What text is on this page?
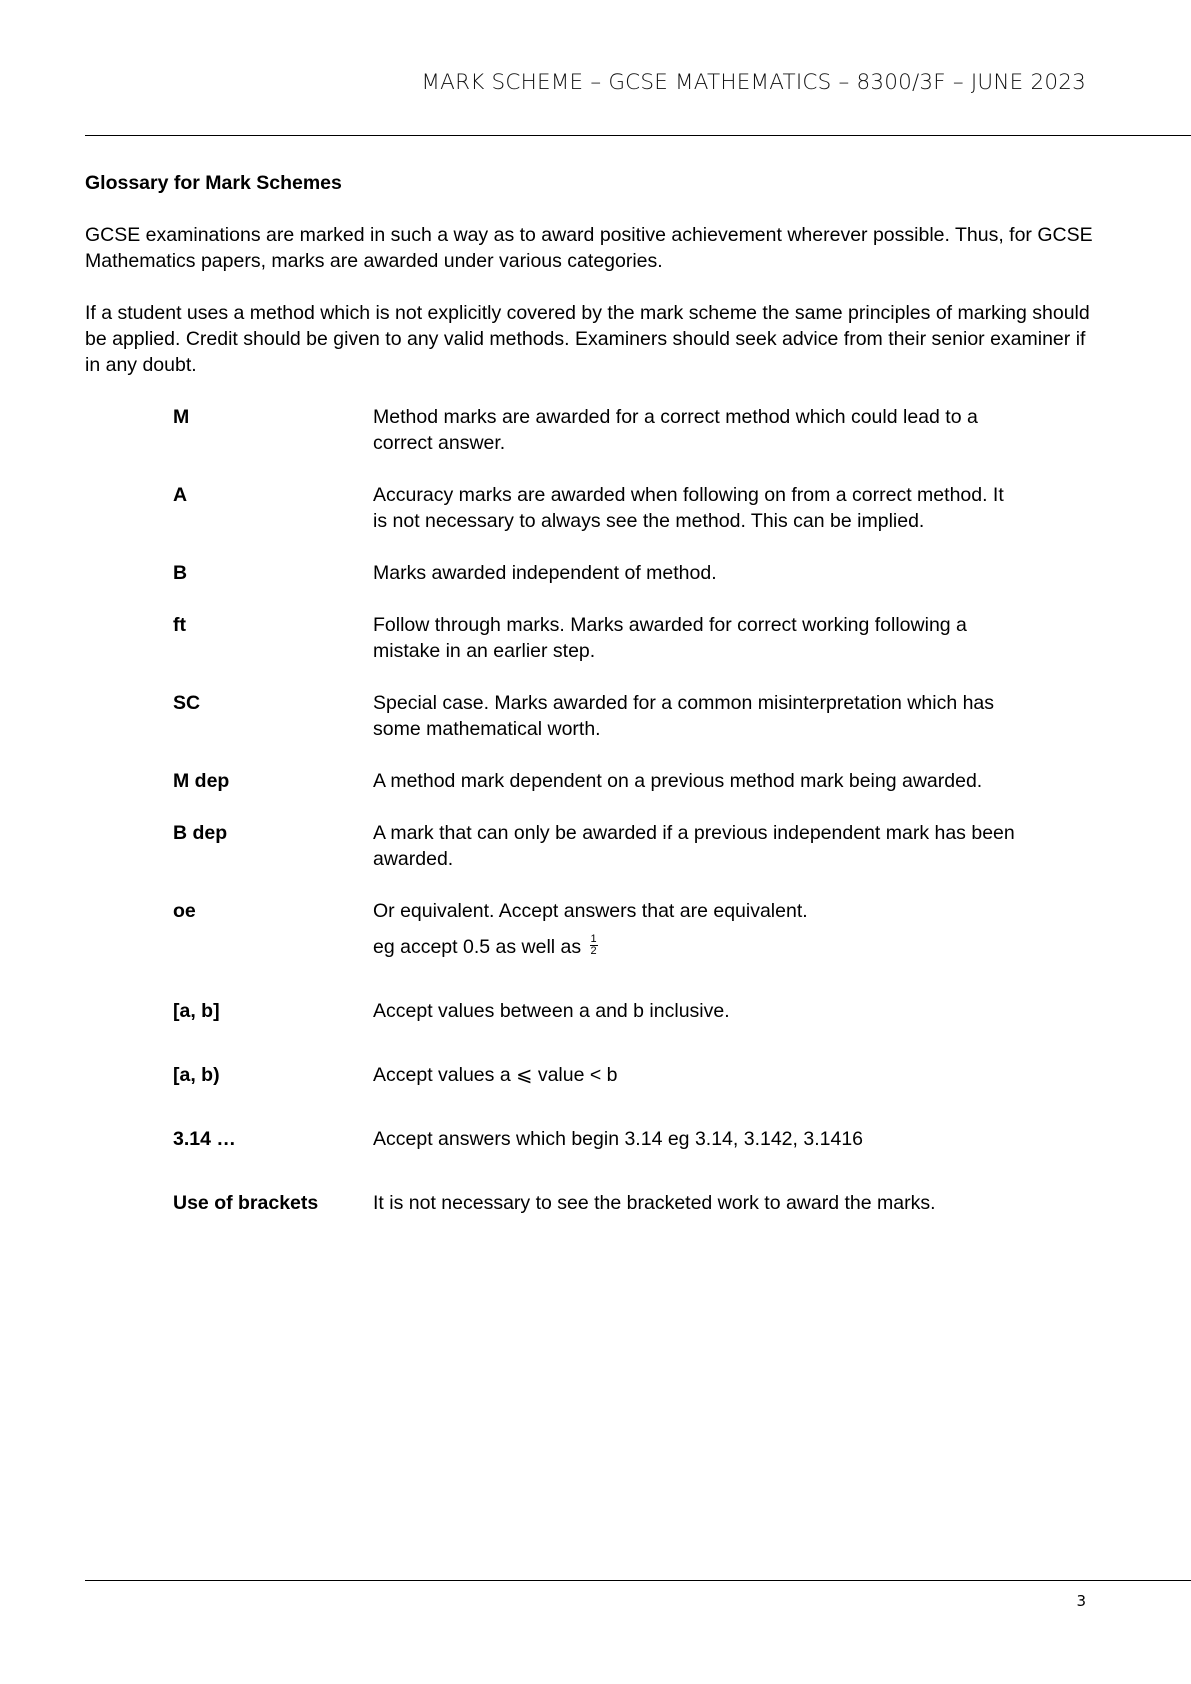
MARK SCHEME – GCSE MATHEMATICS – 8300/3F – JUNE 2023
Glossary for Mark Schemes

GCSE examinations are marked in such a way as to award positive achievement wherever possible. Thus, for GCSE Mathematics papers, marks are awarded under various categories.

If a student uses a method which is not explicitly covered by the mark scheme the same principles of marking should be applied. Credit should be given to any valid methods. Examiners should seek advice from their senior examiner if in any doubt.

M	Method marks are awarded for a correct method which could lead to a correct answer.
A	Accuracy marks are awarded when following on from a correct method. It is not necessary to always see the method. This can be implied.
B	Marks awarded independent of method.
ft	Follow through marks. Marks awarded for correct working following a mistake in an earlier step.
SC	Special case. Marks awarded for a common misinterpretation which has some mathematical worth.
M dep	A method mark dependent on a previous method mark being awarded.
B dep	A mark that can only be awarded if a previous independent mark has been awarded.
oe	Or equivalent. Accept answers that are equivalent.
eg accept 0.5 as well as $\frac{1}{2}$
[a, b]	Accept values between a and b inclusive.
[a, b)	Accept values a ⩽ value < b
3.14 …	Accept answers which begin 3.14 eg 3.14, 3.142, 3.1416
Use of brackets	It is not necessary to see the bracketed work to award the marks.
3
